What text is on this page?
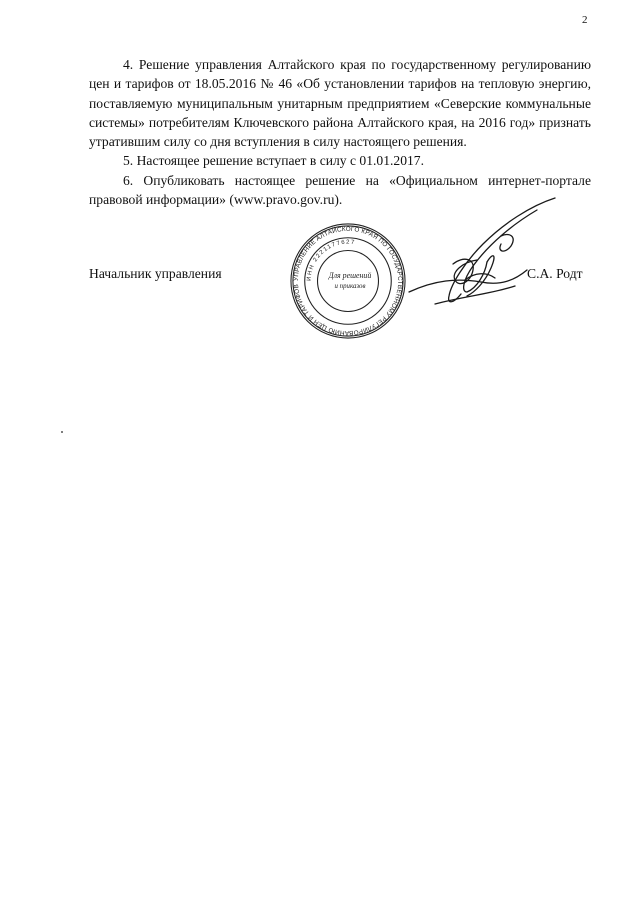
2

4. Решение управления Алтайского края по государственному регулированию цен и тарифов от 18.05.2016 № 46 «Об установлении тарифов на тепловую энергию, поставляемую муниципальным унитарным предприятием «Северские коммунальные системы» потребителям Ключевского района Алтайского края, на 2016 год» признать утратившим силу со дня вступления в силу настоящего решения.

5. Настоящее решение вступает в силу с 01.01.2017.

6. Опубликовать настоящее решение на «Официальном интернет-портале правовой информации» (www.pravo.gov.ru).

УПРАВЛЕНИЕ АЛТАЙСКОГО КРАЯ ПО ГОСУДАРСТВЕННОМУ РЕГУЛИРОВАНИЮ ЦЕН И ТАРИФОВ
ИНН 2221177627
Для решений
и приказов
Начальник управления	С.А. Родт
